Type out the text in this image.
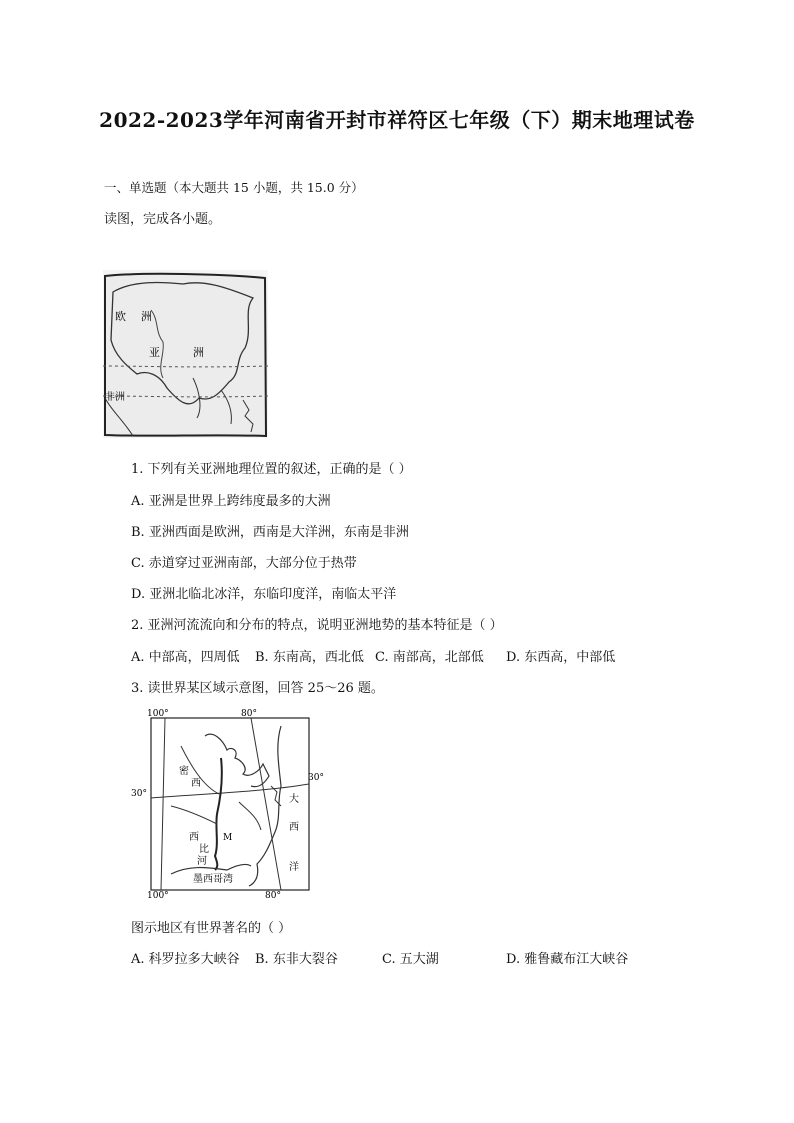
2022-2023学年河南省开封市祥符区七年级（下）期末地理试卷
一、单选题（本大题共 15 小题，共 15.0 分）
读图，完成各小题。
欧 洲
亚	洲
非洲
1. 下列有关亚洲地理位置的叙述，正确的是（ ）
A. 亚洲是世界上跨纬度最多的大洲
B. 亚洲西面是欧洲，西南是大洋洲，东南是非洲
C. 赤道穿过亚洲南部，大部分位于热带
D. 亚洲北临北冰洋，东临印度洋，南临太平洋
2. 亚洲河流流向和分布的特点，说明亚洲地势的基本特征是（ ）
A. 中部高，四周低 B. 东南高，西北低 C. 南部高，北部低 D. 东西高，中部低
3. 读世界某区域示意图，回答 25～26 题。
100°	80°
100°	80°
30°
30°
密
西
西
比
河
M
大
西
洋
墨西哥湾
图示地区有世界著名的（ ）
A. 科罗拉多大峡谷 B. 东非大裂谷	C. 五大湖	D. 雅鲁藏布江大峡谷
